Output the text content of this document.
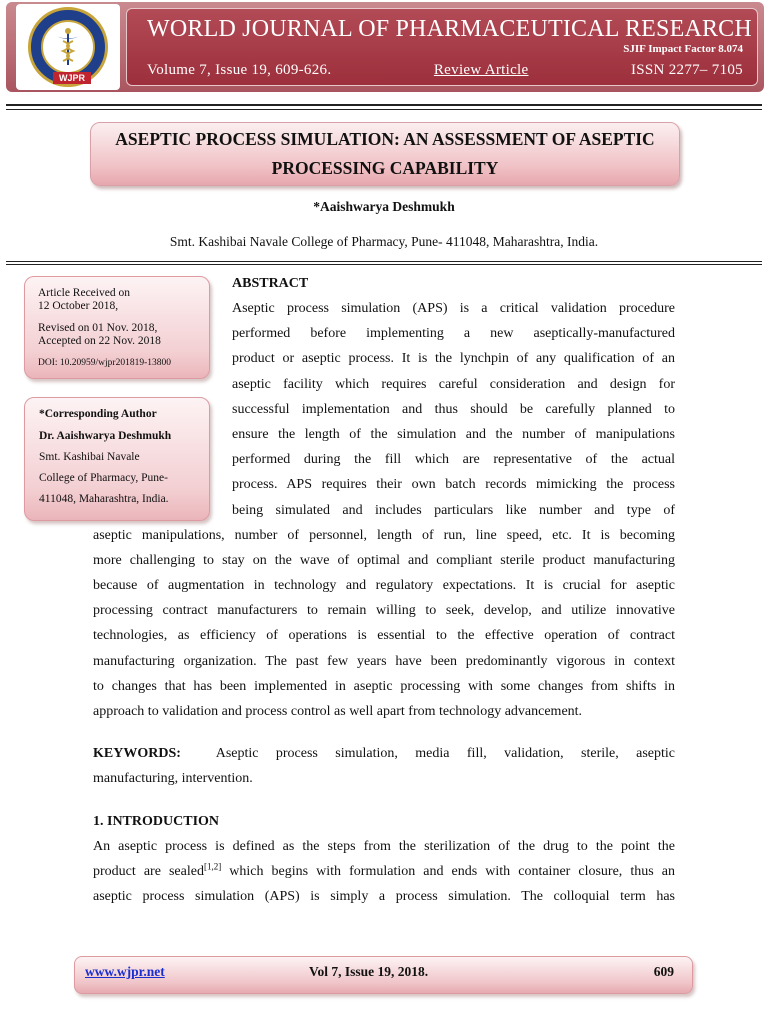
WJPR
WORLD JOURNAL OF PHARMACEUTICAL RESEARCH
SJIF Impact Factor 8.074
Volume 7, Issue 19, 609-626.	Review Article	ISSN 2277– 7105
ASEPTIC PROCESS SIMULATION: AN ASSESSMENT OF ASEPTIC
PROCESSING CAPABILITY
*Aaishwarya Deshmukh
Smt. Kashibai Navale College of Pharmacy, Pune- 411048, Maharashtra, India.
Article Received on
12 October 2018,
Revised on 01 Nov. 2018,
Accepted on 22 Nov. 2018
DOI: 10.20959/wjpr201819-13800
*Corresponding Author
Dr. Aaishwarya Deshmukh
Smt. Kashibai Navale
College of Pharmacy, Pune-
411048, Maharashtra, India.
ABSTRACT
Aseptic process simulation (APS) is a critical validation procedure
performed before implementing a new aseptically-manufactured
product or aseptic process. It is the lynchpin of any qualification of an
aseptic facility which requires careful consideration and design for
successful implementation and thus should be carefully planned to
ensure the length of the simulation and the number of manipulations
performed during the fill which are representative of the actual
process. APS requires their own batch records mimicking the process
being simulated and includes particulars like number and type of
aseptic manipulations, number of personnel, length of run, line speed, etc. It is becoming
more challenging to stay on the wave of optimal and compliant sterile product manufacturing
because of augmentation in technology and regulatory expectations. It is crucial for aseptic
processing contract manufacturers to remain willing to seek, develop, and utilize innovative
technologies, as efficiency of operations is essential to the effective operation of contract
manufacturing organization. The past few years have been predominantly vigorous in context
to changes that has been implemented in aseptic processing with some changes from shifts in
approach to validation and process control as well apart from technology advancement.
KEYWORDS: Aseptic process simulation, media fill, validation, sterile, aseptic
manufacturing, intervention.
1. INTRODUCTION
An aseptic process is defined as the steps from the sterilization of the drug to the point the
product are sealed[1,2] which begins with formulation and ends with container closure, thus an
aseptic process simulation (APS) is simply a process simulation. The colloquial term has
www.wjpr.net	Vol 7, Issue 19, 2018.	609
